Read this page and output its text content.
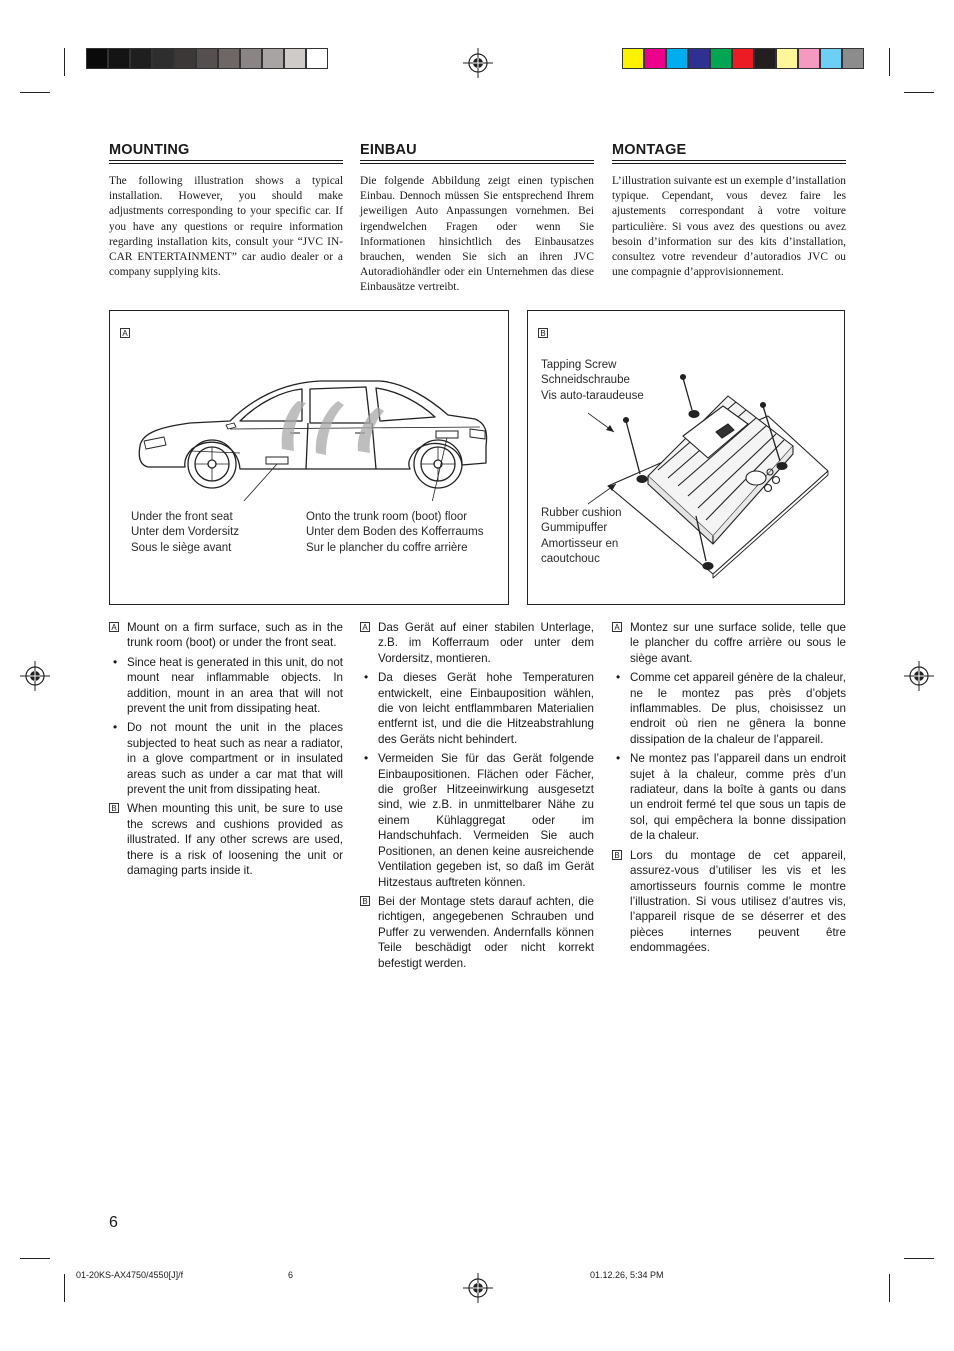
MOUNTING	EINBAU	MONTAGE
The following illustration shows a typical installation. However, you should make adjustments corresponding to your specific car. If you have any questions or require information regarding installation kits, consult your “JVC IN-CAR ENTERTAINMENT” car audio dealer or a company supplying kits.
Die folgende Abbildung zeigt einen typischen Einbau. Dennoch müssen Sie entsprechend Ihrem jeweiligen Auto Anpassungen vornehmen. Bei irgendwelchen Fragen oder wenn Sie Informationen hinsichtlich des Einbausatzes brauchen, wenden Sie sich an ihren JVC Autoradiohändler oder ein Unternehmen das diese Einbausätze vertreibt.
L’illustration suivante est un exemple d’installation typique. Cependant, vous devez faire les ajustements correspondant à votre voiture particulière. Si vous avez des questions ou avez besoin d’information sur des kits d’installation, consultez votre revendeur d’autoradios JVC ou une compagnie d’approvisionnement.
A
Under the front seat
Unter dem Vordersitz
Sous le siège avant
Onto the trunk room (boot) floor
Unter dem Boden des Kofferraums
Sur le plancher du coffre arrière
B
Tapping Screw
Schneidschraube
Vis auto-taraudeuse
Rubber cushion
Gummipuffer
Amortisseur en
caoutchouc
A Mount on a firm surface, such as in the trunk room (boot) or under the front seat.
• Since heat is generated in this unit, do not mount near inflammable objects. In addition, mount in an area that will not prevent the unit from dissipating heat.
• Do not mount the unit in the places subjected to heat such as near a radiator, in a glove compartment or in insulated areas such as under a car mat that will prevent the unit from dissipating heat.
B When mounting this unit, be sure to use the screws and cushions provided as illustrated. If any other screws are used, there is a risk of loosening the unit or damaging parts inside it.
A Das Gerät auf einer stabilen Unterlage, z.B. im Kofferraum oder unter dem Vordersitz, montieren.
• Da dieses Gerät hohe Temperaturen entwickelt, eine Einbauposition wählen, die von leicht entflammbaren Materialien entfernt ist, und die die Hitzeabstrahlung des Geräts nicht behindert.
• Vermeiden Sie für das Gerät folgende Einbaupositionen. Flächen oder Fächer, die großer Hitzeeinwirkung ausgesetzt sind, wie z.B. in unmittelbarer Nähe zu einem Kühlaggregat oder im Handschuhfach. Vermeiden Sie auch Positionen, an denen keine ausreichende Ventilation gegeben ist, so daß im Gerät Hitzestaus auftreten können.
B Bei der Montage stets darauf achten, die richtigen, angegebenen Schrauben und Puffer zu verwenden. Andernfalls können Teile beschädigt oder nicht korrekt befestigt werden.
A Montez sur une surface solide, telle que le plancher du coffre arrière ou sous le siège avant.
• Comme cet appareil génère de la chaleur, ne le montez pas près d’objets inflammables. De plus, choisissez un endroit où rien ne gênera la bonne dissipation de la chaleur de l’appareil.
• Ne montez pas l’appareil dans un endroit sujet à la chaleur, comme près d’un radiateur, dans la boîte à gants ou dans un endroit fermé tel que sous un tapis de sol, qui empêchera la bonne dissipation de la chaleur.
B Lors du montage de cet appareil, assurez-vous d’utiliser les vis et les amortisseurs fournis comme le montre l’illustration. Si vous utilisez d’autres vis, l’appareil risque de se déserrer et des pièces internes peuvent être endommagées.
6
01-20KS-AX4750/4550[J]/f	6	01.12.26, 5:34 PM
